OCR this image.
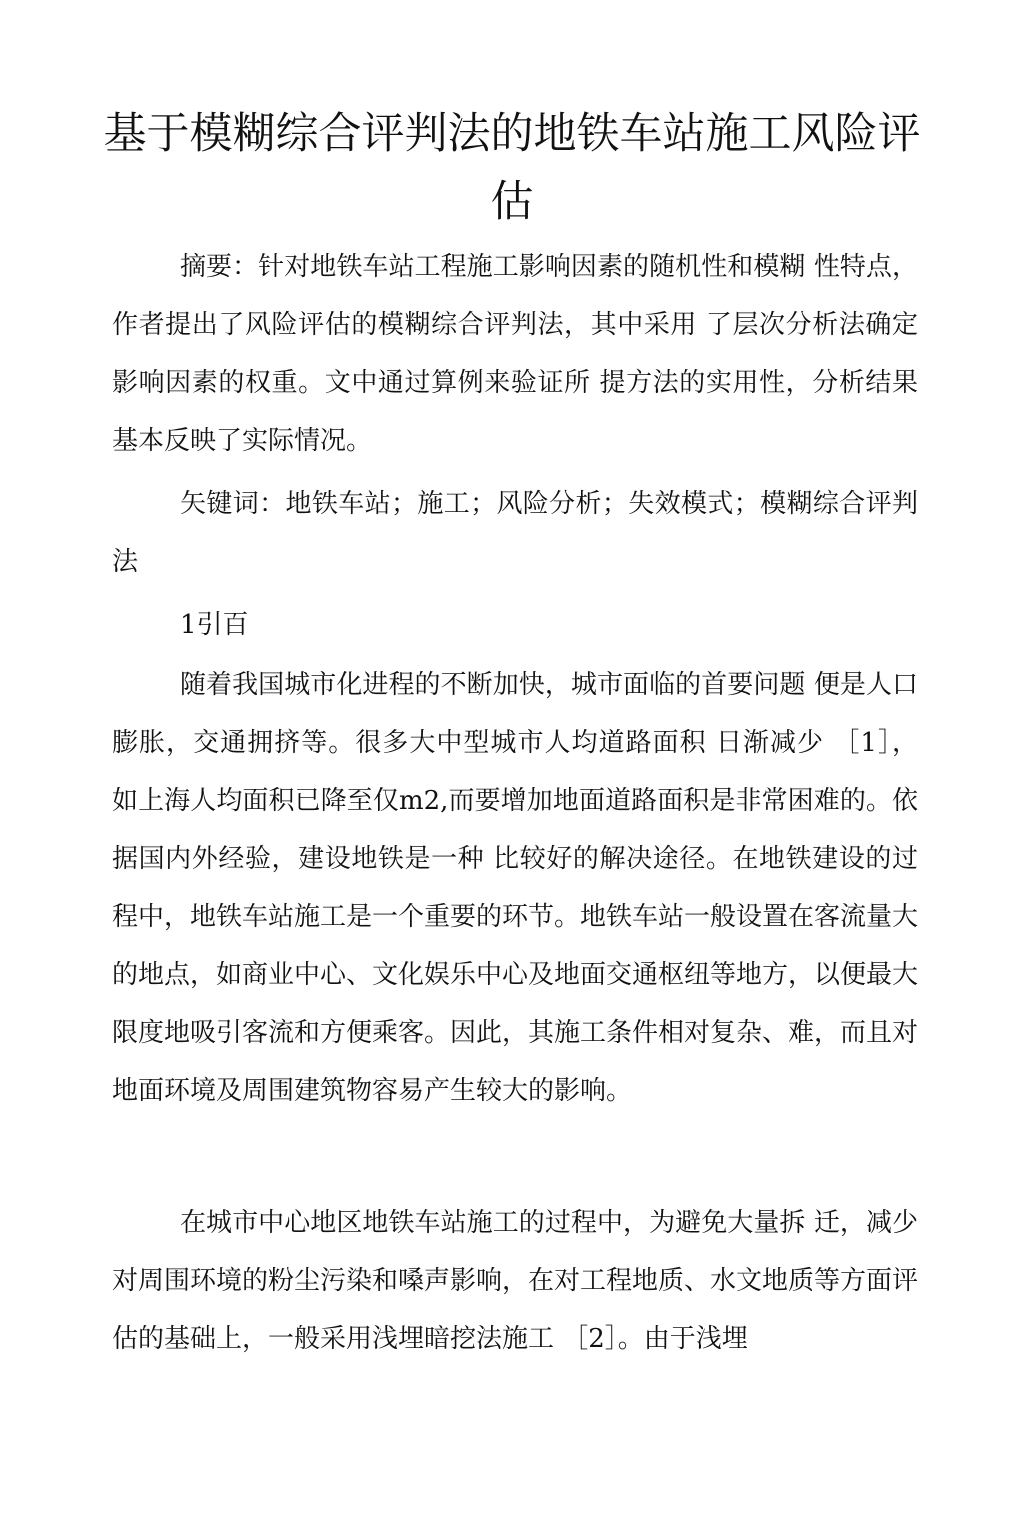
基于模糊综合评判法的地铁车站施工风险评估

摘要：针对地铁车站工程施工影响因素的随机性和模糊 性特点，作者提出了风险评估的模糊综合评判法，其中采用 了层次分析法确定影响因素的权重。文中通过算例来验证所 提方法的实用性，分析结果基本反映了实际情况。

矢键词：地铁车站；施工；风险分析；失效模式；模糊综合评判法

1引百

随着我国城市化进程的不断加快，城市面临的首要问题 便是人口膨胀，交通拥挤等。很多大中型城市人均道路面积 日渐减少 ［1］， 如上海人均面积已降至仅m2,而要增加地面道路面积是非常困难的。依据国内外经验，建设地铁是一种 比较好的解决途径。在地铁建设的过程中，地铁车站施工是一个重要的环节。地铁车站一般设置在客流量大的地点，如商业中心、文化娱乐中心及地面交通枢纽等地方，以便最大限度地吸引客流和方便乘客。因此，其施工条件相对复杂、难，而且对地面环境及周围建筑物容易产生较大的影响。

在城市中心地区地铁车站施工的过程中，为避免大量拆 迁，减少对周围环境的粉尘污染和嗓声影响，在对工程地质、水文地质等方面评估的基础上，一般采用浅埋暗挖法施工 ［2］。由于浅埋
